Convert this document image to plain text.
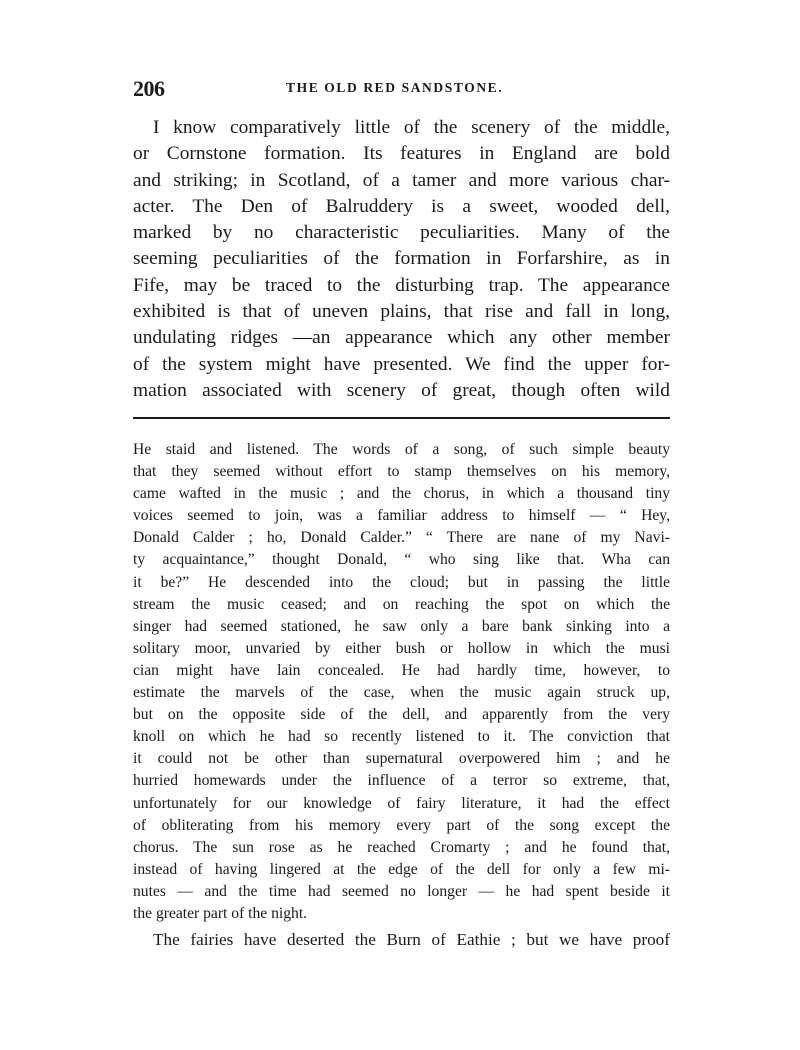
206	THE OLD RED SANDSTONE.
I know comparatively little of the scenery of the middle,
or Cornstone formation. Its features in England are bold
and striking; in Scotland, of a tamer and more various char-
acter. The Den of Balruddery is a sweet, wooded dell,
marked by no characteristic peculiarities. Many of the
seeming peculiarities of the formation in Forfarshire, as in
Fife, may be traced to the disturbing trap. The appearance
exhibited is that of uneven plains, that rise and fall in long,
undulating ridges —an appearance which any other member
of the system might have presented. We find the upper for-
mation associated with scenery of great, though often wild
He staid and listened. The words of a song, of such simple beauty
that they seemed without effort to stamp themselves on his memory,
came wafted in the music ; and the chorus, in which a thousand tiny
voices seemed to join, was a familiar address to himself — “ Hey,
Donald Calder ; ho, Donald Calder.” “ There are nane of my Navi-
ty acquaintance,” thought Donald, “ who sing like that. Wha can
it be?” He descended into the cloud; but in passing the little
stream the music ceased; and on reaching the spot on which the
singer had seemed stationed, he saw only a bare bank sinking into a
solitary moor, unvaried by either bush or hollow in which the musi
cian might have lain concealed. He had hardly time, however, to
estimate the marvels of the case, when the music again struck up,
but on the opposite side of the dell, and apparently from the very
knoll on which he had so recently listened to it. The conviction that
it could not be other than supernatural overpowered him ; and he
hurried homewards under the influence of a terror so extreme, that,
unfortunately for our knowledge of fairy literature, it had the effect
of obliterating from his memory every part of the song except the
chorus. The sun rose as he reached Cromarty ; and he found that,
instead of having lingered at the edge of the dell for only a few mi-
nutes — and the time had seemed no longer — he had spent beside it
the greater part of the night.
The fairies have deserted the Burn of Eathie ; but we have proof
